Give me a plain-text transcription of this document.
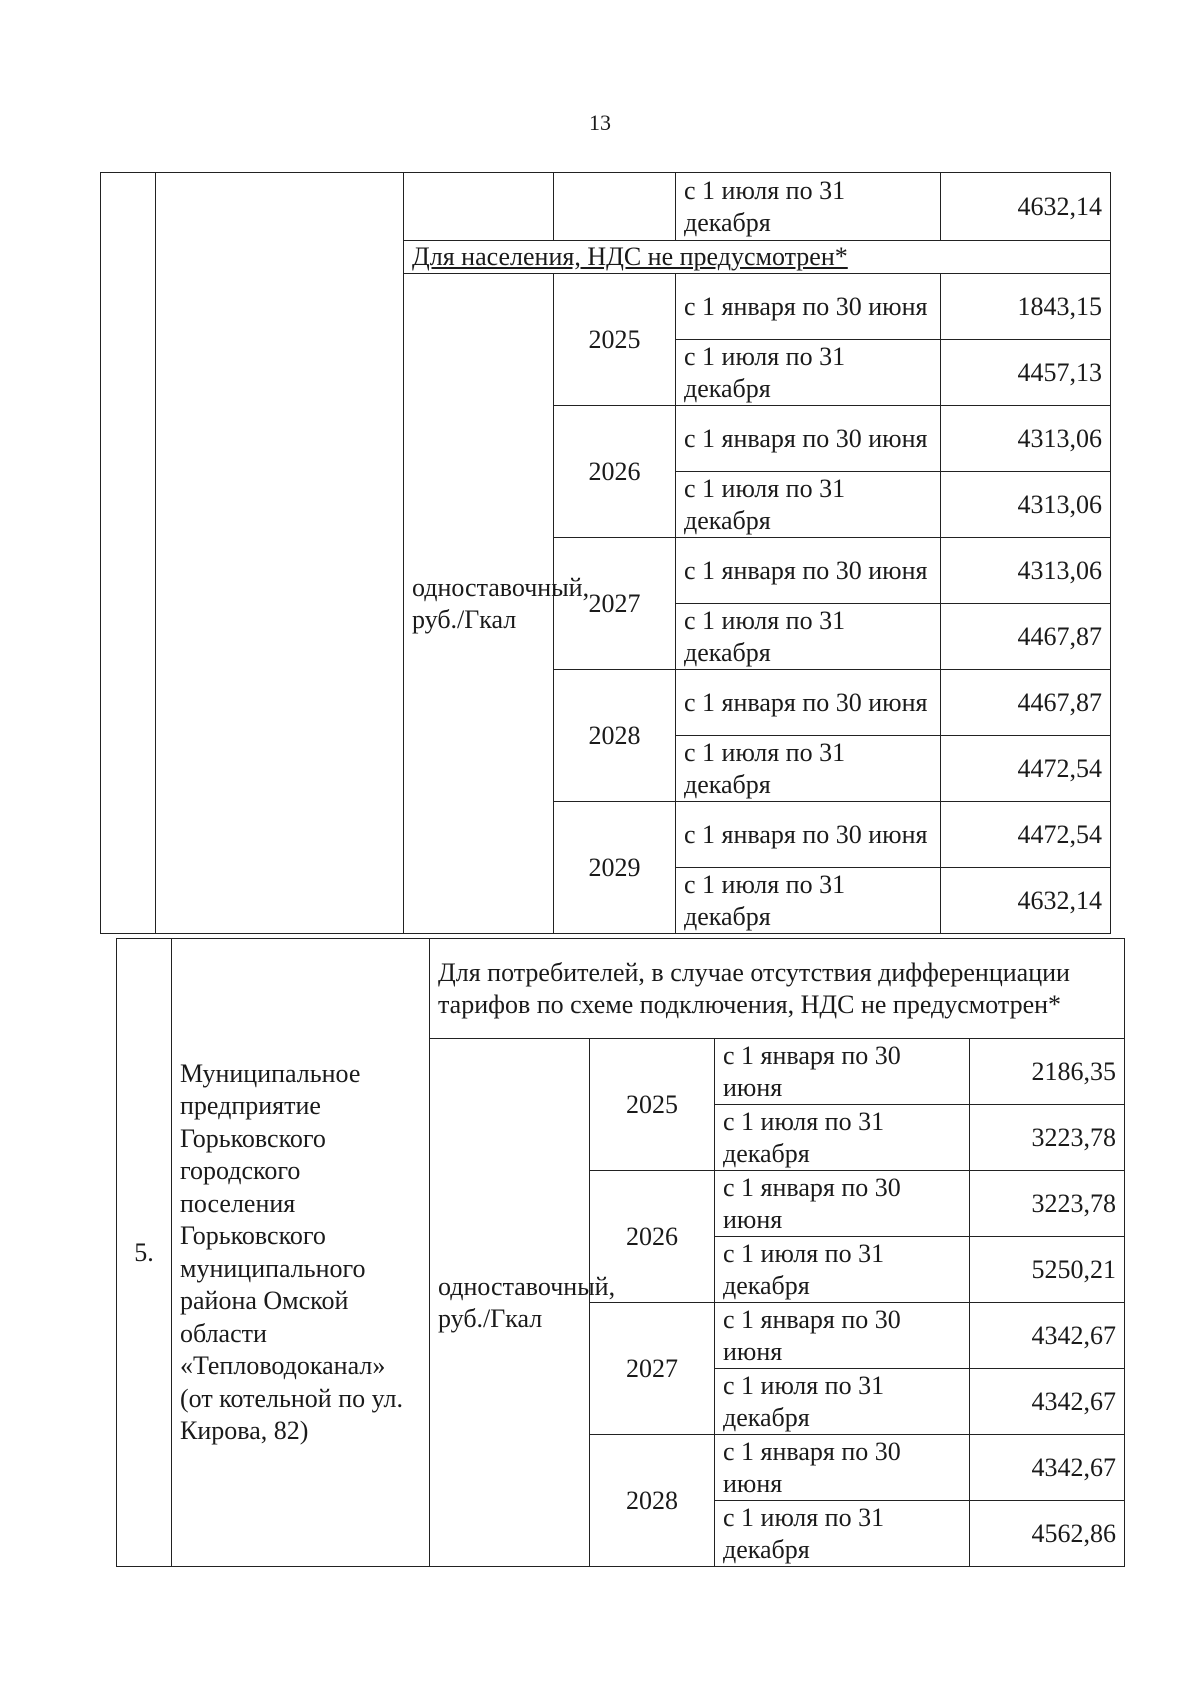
13
				с 1 июля по 31 декабря	4632,14
		Для населения, НДС не предусмотрен*			
		одноставочный, руб./Гкал	2025	с 1 января по 30 июня	1843,15
				с 1 июля по 31 декабря	4457,13
			2026	с 1 января по 30 июня	4313,06
				с 1 июля по 31 декабря	4313,06
			2027	с 1 января по 30 июня	4313,06
				с 1 июля по 31 декабря	4467,87
			2028	с 1 января по 30 июня	4467,87
				с 1 июля по 31 декабря	4472,54
			2029	с 1 января по 30 июня	4472,54
				с 1 июля по 31 декабря	4632,14
5.	Муниципальное предприятие Горьковского городского поселения Горьковского муниципального района Омской области «Тепловодоканал» (от котельной по ул. Кирова, 82)	Для потребителей, в случае отсутствия дифференциации тарифов по схеме подключения, НДС не предусмотрен*			
		одноставочный, руб./Гкал	2025	с 1 января по 30 июня	2186,35
				с 1 июля по 31 декабря	3223,78
			2026	с 1 января по 30 июня	3223,78
				с 1 июля по 31 декабря	5250,21
			2027	с 1 января по 30 июня	4342,67
				с 1 июля по 31 декабря	4342,67
			2028	с 1 января по 30 июня	4342,67
				с 1 июля по 31 декабря	4562,86
